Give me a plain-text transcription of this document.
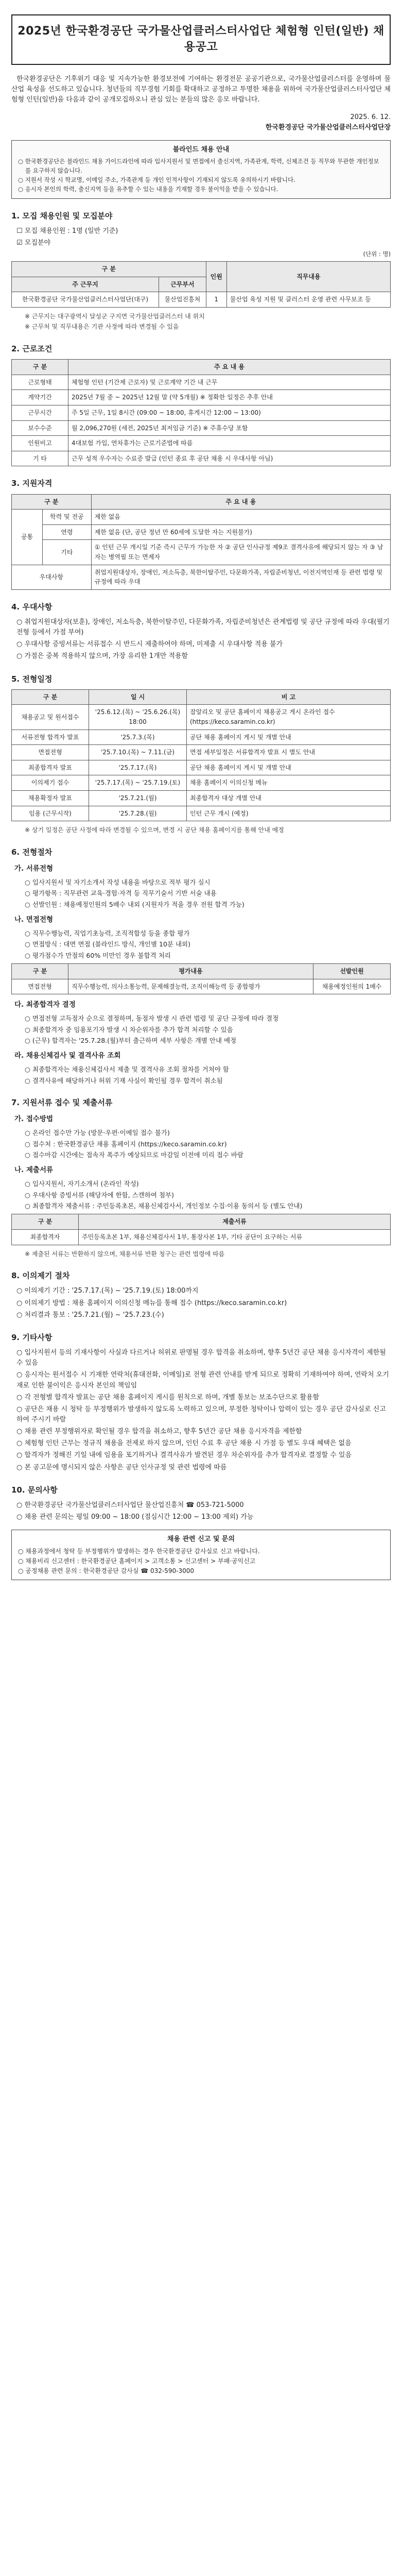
2025년 한국환경공단 국가물산업클러스터사업단 체험형 인턴(일반) 채용공고

한국환경공단은 기후위기 대응 및 지속가능한 환경보전에 기여하는 환경전문 공공기관으로, 국가물산업클러스터를 운영하며 물산업 육성을 선도하고 있습니다. 청년들의 직무경험 기회를 확대하고 공정하고 투명한 채용을 위하여 국가물산업클러스터사업단 체험형 인턴(일반)을 다음과 같이 공개모집하오니 관심 있는 분들의 많은 응모 바랍니다.

2025. 6. 12.

한국환경공단 국가물산업클러스터사업단장

블라인드 채용 안내
○ 한국환경공단은 블라인드 채용 가이드라인에 따라 입사지원서 및 면접에서 출신지역, 가족관계, 학력, 신체조건 등 직무와 무관한 개인정보를 요구하지 않습니다.
○ 지원서 작성 시 학교명, 이메일 주소, 가족관계 등 개인 인적사항이 기재되지 않도록 유의하시기 바랍니다.
○ 응시자 본인의 학력, 출신지역 등을 유추할 수 있는 내용을 기재할 경우 불이익을 받을 수 있습니다.
1. 모집 채용인원 및 모집분야

☐ 모집 채용인원 : 1명 (일반 기준)

☑ 모집분야

(단위 : 명)
구 분		인원	직무내용
주 근무지	근무부서		
한국환경공단 국가물산업클러스터사업단(대구)	물산업진흥처	1	물산업 육성 지원 및 클러스터 운영 관련 사무보조 등

※ 근무지는 대구광역시 달성군 구지면 국가물산업클러스터 내 위치

※ 근무처 및 직무내용은 기관 사정에 따라 변경될 수 있음

2. 근로조건
구 분	주 요 내 용
근로형태	체험형 인턴 (기간제 근로자) 및 근로계약 기간 내 근무
계약기간	2025년 7월 중 ~ 2025년 12월 말 (약 5개월) ※ 정확한 일정은 추후 안내
근무시간	주 5일 근무, 1일 8시간 (09:00 ~ 18:00, 휴게시간 12:00 ~ 13:00)
보수수준	월 2,096,270원 (세전, 2025년 최저임금 기준) ※ 주휴수당 포함
인원비고	4대보험 가입, 연차휴가는 근로기준법에 따름
기 타	근무 성적 우수자는 수료증 발급 (인턴 종료 후 공단 채용 시 우대사항 아님)
3. 지원자격
구 분		주 요 내 용
공통	학력 및 전공	제한 없음
	연령	제한 없음 (단, 공단 정년 만 60세에 도달한 자는 지원불가)
	기타	① 인턴 근무 개시일 기준 즉시 근무가 가능한 자 ② 공단 인사규정 제9조 결격사유에 해당되지 않는 자 ③ 남자는 병역필 또는 면제자
우대사항		취업지원대상자, 장애인, 저소득층, 북한이탈주민, 다문화가족, 자립준비청년, 이전지역인재 등 관련 법령 및 규정에 따라 우대
4. 우대사항

○ 취업지원대상자(보훈), 장애인, 저소득층, 북한이탈주민, 다문화가족, 자립준비청년은 관계법령 및 공단 규정에 따라 우대(필기전형 등에서 가점 부여)

○ 우대사항 증빙서류는 서류접수 시 반드시 제출하여야 하며, 미제출 시 우대사항 적용 불가

○ 가점은 중복 적용하지 않으며, 가장 유리한 1개만 적용함

5. 전형일정
구 분	일 시	비 고
채용공고 및 원서접수	'25.6.12.(목) ~ '25.6.26.(목) 18:00	잡알리오 및 공단 홈페이지 채용공고 게시 온라인 접수 (https://keco.saramin.co.kr)
서류전형 합격자 발표	'25.7.3.(목)	공단 채용 홈페이지 게시 및 개별 안내
면접전형	'25.7.10.(목) ~ 7.11.(금)	면접 세부일정은 서류합격자 발표 시 별도 안내
최종합격자 발표	'25.7.17.(목)	공단 채용 홈페이지 게시 및 개별 안내
이의제기 접수	'25.7.17.(목) ~ '25.7.19.(토)	채용 홈페이지 이의신청 메뉴
채용확정자 발표	'25.7.21.(월)	최종합격자 대상 개별 안내
임용 (근무시작)	'25.7.28.(월)	인턴 근무 개시 (예정)

※ 상기 일정은 공단 사정에 따라 변경될 수 있으며, 변경 시 공단 채용 홈페이지를 통해 안내 예정

6. 전형절차
가. 서류전형

○ 입사지원서 및 자기소개서 작성 내용을 바탕으로 적부 평가 실시

○ 평가항목 : 직무관련 교육·경험·자격 등 직무기술서 기반 서술 내용

○ 선발인원 : 채용예정인원의 5배수 내외 (지원자가 적을 경우 전원 합격 가능)

나. 면접전형

○ 직무수행능력, 직업기초능력, 조직적합성 등을 종합 평가

○ 면접방식 : 대면 면접 (블라인드 방식, 개인별 10분 내외)

○ 평가점수가 만점의 60% 미만인 경우 불합격 처리

구 분	평가내용	선발인원
면접전형	직무수행능력, 의사소통능력, 문제해결능력, 조직이해능력 등 종합평가	채용예정인원의 1배수
다. 최종합격자 결정

○ 면접전형 고득점자 순으로 결정하며, 동점자 발생 시 관련 법령 및 공단 규정에 따라 결정

○ 최종합격자 중 임용포기자 발생 시 차순위자를 추가 합격 처리할 수 있음

○ (근무) 합격자는 '25.7.28.(월)부터 출근하며 세부 사항은 개별 안내 예정

라. 채용신체검사 및 결격사유 조회

○ 최종합격자는 채용신체검사서 제출 및 결격사유 조회 절차를 거쳐야 함

○ 결격사유에 해당하거나 허위 기재 사실이 확인될 경우 합격이 취소됨

7. 지원서류 접수 및 제출서류
가. 접수방법

○ 온라인 접수만 가능 (방문·우편·이메일 접수 불가)

○ 접수처 : 한국환경공단 채용 홈페이지 (https://keco.saramin.co.kr)

○ 접수마감 시간에는 접속자 폭주가 예상되므로 마감일 이전에 미리 접수 바람

나. 제출서류

○ 입사지원서, 자기소개서 (온라인 작성)

○ 우대사항 증빙서류 (해당자에 한함, 스캔하여 첨부)

○ 최종합격자 제출서류 : 주민등록초본, 채용신체검사서, 개인정보 수집·이용 동의서 등 (별도 안내)

구 분	제출서류
최종합격자	주민등록초본 1부, 채용신체검사서 1부, 통장사본 1부, 기타 공단이 요구하는 서류

※ 제출된 서류는 반환하지 않으며, 채용서류 반환 청구는 관련 법령에 따름

8. 이의제기 절차

○ 이의제기 기간 : '25.7.17.(목) ~ '25.7.19.(토) 18:00까지

○ 이의제기 방법 : 채용 홈페이지 이의신청 메뉴를 통해 접수 (https://keco.saramin.co.kr)

○ 처리결과 통보 : '25.7.21.(월) ~ '25.7.23.(수)

9. 기타사항

○ 입사지원서 등의 기재사항이 사실과 다르거나 허위로 판명될 경우 합격을 취소하며, 향후 5년간 공단 채용 응시자격이 제한될 수 있음

○ 응시자는 원서접수 시 기재한 연락처(휴대전화, 이메일)로 전형 관련 안내를 받게 되므로 정확히 기재하여야 하며, 연락처 오기재로 인한 불이익은 응시자 본인의 책임임

○ 각 전형별 합격자 발표는 공단 채용 홈페이지 게시를 원칙으로 하며, 개별 통보는 보조수단으로 활용함

○ 공단은 채용 시 청탁 등 부정행위가 발생하지 않도록 노력하고 있으며, 부정한 청탁이나 압력이 있는 경우 공단 감사실로 신고하여 주시기 바람

○ 채용 관련 부정행위자로 확인될 경우 합격을 취소하고, 향후 5년간 공단 채용 응시자격을 제한함

○ 체험형 인턴 근무는 정규직 채용을 전제로 하지 않으며, 인턴 수료 후 공단 채용 시 가점 등 별도 우대 혜택은 없음

○ 합격자가 정해진 기일 내에 임용을 포기하거나 결격사유가 발견된 경우 차순위자를 추가 합격자로 결정할 수 있음

○ 본 공고문에 명시되지 않은 사항은 공단 인사규정 및 관련 법령에 따름

10. 문의사항

○ 한국환경공단 국가물산업클러스터사업단 물산업진흥처 ☎ 053-721-5000

○ 채용 관련 문의는 평일 09:00 ~ 18:00 (점심시간 12:00 ~ 13:00 제외) 가능

채용 관련 신고 및 문의

○ 채용과정에서 청탁 등 부정행위가 발생하는 경우 한국환경공단 감사실로 신고 바랍니다.

○ 채용비리 신고센터 : 한국환경공단 홈페이지 > 고객소통 > 신고센터 > 부패·공익신고

○ 공정채용 관련 문의 : 한국환경공단 감사실 ☎ 032-590-3000
